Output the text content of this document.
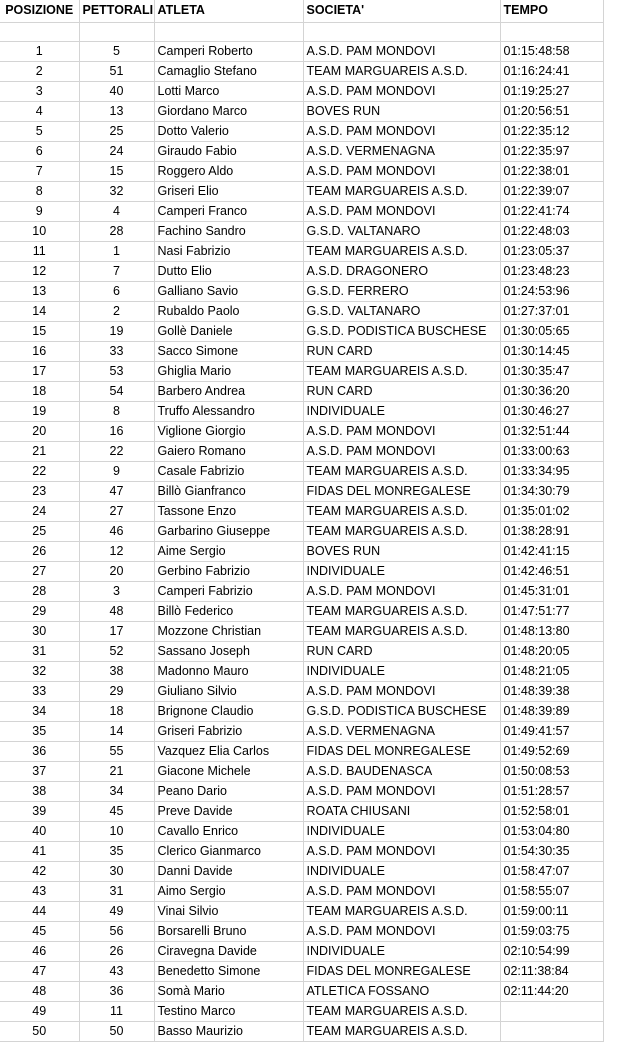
POSIZIONE	PETTORALI	ATLETA	SOCIETA'	TEMPO

1	5	Camperi Roberto	A.S.D. PAM MONDOVI	01:15:48:58
2	51	Camaglio Stefano	TEAM MARGUAREIS A.S.D.	01:16:24:41
3	40	Lotti Marco	A.S.D. PAM MONDOVI	01:19:25:27
4	13	Giordano Marco	BOVES RUN	01:20:56:51
5	25	Dotto Valerio	A.S.D. PAM MONDOVI	01:22:35:12
6	24	Giraudo Fabio	A.S.D. VERMENAGNA	01:22:35:97
7	15	Roggero Aldo	A.S.D. PAM MONDOVI	01:22:38:01
8	32	Griseri Elio	TEAM MARGUAREIS A.S.D.	01:22:39:07
9	4	Camperi Franco	A.S.D. PAM MONDOVI	01:22:41:74
10	28	Fachino Sandro	G.S.D. VALTANARO	01:22:48:03
11	1	Nasi Fabrizio	TEAM MARGUAREIS A.S.D.	01:23:05:37
12	7	Dutto Elio	A.S.D. DRAGONERO	01:23:48:23
13	6	Galliano Savio	G.S.D. FERRERO	01:24:53:96
14	2	Rubaldo Paolo	G.S.D. VALTANARO	01:27:37:01
15	19	Gollè Daniele	G.S.D. PODISTICA BUSCHESE	01:30:05:65
16	33	Sacco Simone	RUN CARD	01:30:14:45
17	53	Ghiglia Mario	TEAM MARGUAREIS A.S.D.	01:30:35:47
18	54	Barbero Andrea	RUN CARD	01:30:36:20
19	8	Truffo Alessandro	INDIVIDUALE	01:30:46:27
20	16	Viglione Giorgio	A.S.D. PAM MONDOVI	01:32:51:44
21	22	Gaiero Romano	A.S.D. PAM MONDOVI	01:33:00:63
22	9	Casale Fabrizio	TEAM MARGUAREIS A.S.D.	01:33:34:95
23	47	Billò Gianfranco	FIDAS DEL MONREGALESE	01:34:30:79
24	27	Tassone Enzo	TEAM MARGUAREIS A.S.D.	01:35:01:02
25	46	Garbarino Giuseppe	TEAM MARGUAREIS A.S.D.	01:38:28:91
26	12	Aime Sergio	BOVES RUN	01:42:41:15
27	20	Gerbino Fabrizio	INDIVIDUALE	01:42:46:51
28	3	Camperi Fabrizio	A.S.D. PAM MONDOVI	01:45:31:01
29	48	Billò Federico	TEAM MARGUAREIS A.S.D.	01:47:51:77
30	17	Mozzone Christian	TEAM MARGUAREIS A.S.D.	01:48:13:80
31	52	Sassano Joseph	RUN CARD	01:48:20:05
32	38	Madonno Mauro	INDIVIDUALE	01:48:21:05
33	29	Giuliano Silvio	A.S.D. PAM MONDOVI	01:48:39:38
34	18	Brignone Claudio	G.S.D. PODISTICA BUSCHESE	01:48:39:89
35	14	Griseri Fabrizio	A.S.D. VERMENAGNA	01:49:41:57
36	55	Vazquez Elia Carlos	FIDAS DEL MONREGALESE	01:49:52:69
37	21	Giacone Michele	A.S.D. BAUDENASCA	01:50:08:53
38	34	Peano Dario	A.S.D. PAM MONDOVI	01:51:28:57
39	45	Preve Davide	ROATA CHIUSANI	01:52:58:01
40	10	Cavallo Enrico	INDIVIDUALE	01:53:04:80
41	35	Clerico Gianmarco	A.S.D. PAM MONDOVI	01:54:30:35
42	30	Danni Davide	INDIVIDUALE	01:58:47:07
43	31	Aimo Sergio	A.S.D. PAM MONDOVI	01:58:55:07
44	49	Vinai Silvio	TEAM MARGUAREIS A.S.D.	01:59:00:11
45	56	Borsarelli Bruno	A.S.D. PAM MONDOVI	01:59:03:75
46	26	Ciravegna Davide	INDIVIDUALE	02:10:54:99
47	43	Benedetto Simone	FIDAS DEL MONREGALESE	02:11:38:84
48	36	Somà Mario	ATLETICA FOSSANO	02:11:44:20
49	11	Testino Marco	TEAM MARGUAREIS A.S.D.	
50	50	Basso Maurizio	TEAM MARGUAREIS A.S.D.	
